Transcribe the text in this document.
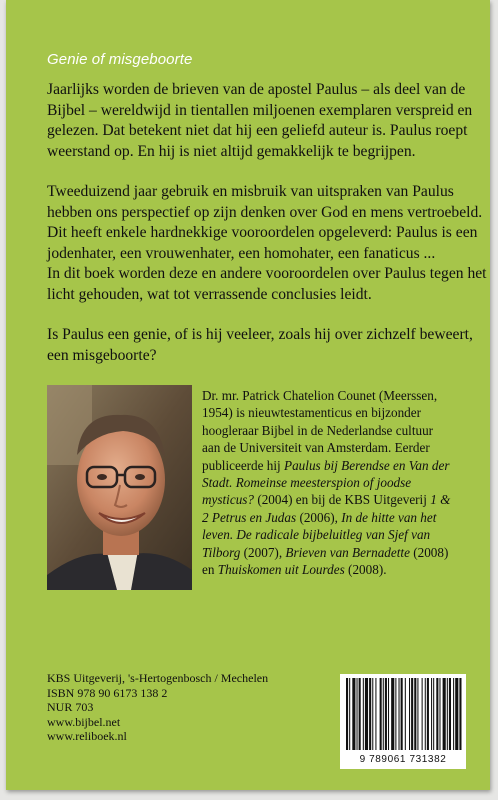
Genie of misgeboorte

Jaarlijks worden de brieven van de apostel Paulus – als deel van de Bijbel – wereldwijd in tientallen miljoenen exemplaren verspreid en gelezen. Dat betekent niet dat hij een geliefd auteur is. Paulus roept weerstand op. En hij is niet altijd gemakkelijk te begrijpen.

Tweeduizend jaar gebruik en misbruik van uitspraken van Paulus hebben ons perspectief op zijn denken over God en mens vertroebeld. Dit heeft enkele hardnekkige vooroordelen opgeleverd: Paulus is een jodenhater, een vrouwenhater, een homohater, een fanaticus ...

In dit boek worden deze en andere vooroordelen over Paulus tegen het licht gehouden, wat tot verrassende conclusies leidt.

Is Paulus een genie, of is hij veeleer, zoals hij over zichzelf beweert, een misgeboorte?

Dr. mr. Patrick Chatelion Counet (Meerssen, 1954) is nieuwtestamenticus en bijzonder hoogleraar Bijbel in de Nederlandse cultuur aan de Universiteit van Amsterdam. Eerder publiceerde hij Paulus bij Berendse en Van der Stadt. Romeinse meesterspion of joodse mysticus? (2004) en bij de KBS Uitgeverij 1 & 2 Petrus en Judas (2006), In de hitte van het leven. De radicale bijbeluitleg van Sjef van Tilborg (2007), Brieven van Bernadette (2008) en Thuiskomen uit Lourdes (2008).
KBS Uitgeverij, 's-Hertogenbosch / Mechelen
ISBN 978 90 6173 138 2
NUR 703
www.bijbel.net
www.reliboek.nl
9 789061 731382
